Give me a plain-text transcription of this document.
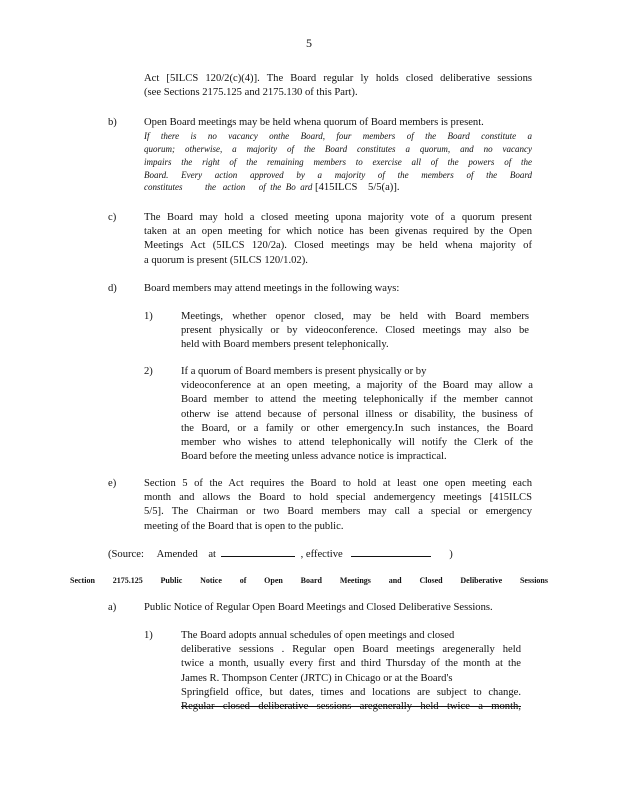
5
Act [5ILCS 120/2(c)(4)]. The Board regular ly holds closed deliberative sessions
(see Sections 2175.125 and 2175.130 of this Part).
b)	Open Board meetings may be held whena quorum of Board members is present.
If there is no vacancy onthe Board, four members of the Board constitute a
quorum; otherwise, a majority of the Board constitutes a quorum, and no vacancy
impairs the right of the remaining members to exercise all of the powers of the
Board. Every action approved by a majority of the members of the Board
constitutes          the   action      of  the  Bo  ard [415ILCS    5/5(a)].
c)	The Board may hold a closed meeting upona majority vote of a quorum present
taken at an open meeting for which notice has been givenas required by the Open
Meetings Act (5ILCS 120/2a). Closed meetings may be held whena majority of
a quorum is present (5ILCS 120/1.02).
d)	Board members may attend meetings in the following ways:
1)	Meetings, whether openor closed, may be held with Board members
present physically or by videoconference. Closed meetings may also be
held with Board members present telephonically.
2)	If a quorum of Board members is present physically or by
videoconference at an open meeting, a majority of the Board may allow a
Board member to attend the meeting telephonically if the member cannot
otherw ise attend because of personal illness or disability, the business of
the Board, or a family or other emergency.In such instances, the Board
member who wishes to attend telephonically will notify the Clerk of the
Board before the meeting unless advance notice is impractical.
e)	Section 5 of the Act requires the Board to hold at least one open meeting each
month and allows the Board to hold special andemergency meetings [415ILCS
5/5]. The Chairman or two Board members may call a special or emergency
meeting of the Board that is open to the public.
(Source: Amended    at	, effective	)
Section 2175.125 Public Notice of Open Board Meetings and Closed Deliberative Sessions
a)	Public Notice of Regular Open Board Meetings and Closed Deliberative Sessions.
1)	The Board adopts annual schedules of open meetings and closed
deliberative sessions . Regular open Board meetings aregenerally held
twice a month, usually every first and third Thursday of the month at the
James R. Thompson Center (JRTC) in Chicago or at the Board's
Springfield office, but dates, times and locations are subject to change.
Regular closed deliberative sessions aregenerally held twice a month,
